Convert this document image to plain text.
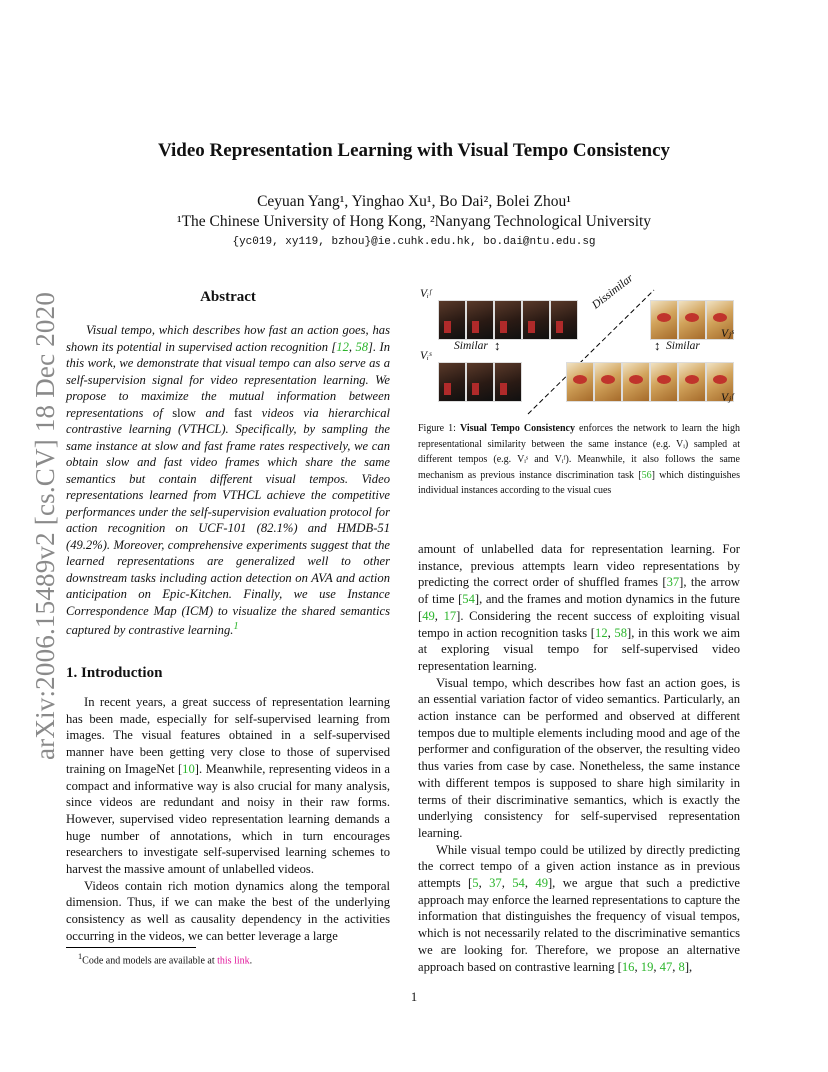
arXiv:2006.15489v2 [cs.CV] 18 Dec 2020
Video Representation Learning with Visual Tempo Consistency
Ceyuan Yang¹, Yinghao Xu¹, Bo Dai², Bolei Zhou¹
¹The Chinese University of Hong Kong, ²Nanyang Technological University
{yc019, xy119, bzhou}@ie.cuhk.edu.hk, bo.dai@ntu.edu.sg
Abstract
Visual tempo, which describes how fast an action goes, has shown its potential in supervised action recognition [12, 58]. In this work, we demonstrate that visual tempo can also serve as a self-supervision signal for video representation learning. We propose to maximize the mutual information between representations of slow and fast videos via hierarchical contrastive learning (VTHCL). Specifically, by sampling the same instance at slow and fast frame rates respectively, we can obtain slow and fast video frames which share the same semantics but contain different visual tempos. Video representations learned from VTHCL achieve the competitive performances under the self-supervision evaluation protocol for action recognition on UCF-101 (82.1%) and HMDB-51 (49.2%). Moreover, comprehensive experiments suggest that the learned representations are generalized well to other downstream tasks including action detection on AVA and action anticipation on Epic-Kitchen. Finally, we use Instance Correspondence Map (ICM) to visualize the shared semantics captured by contrastive learning.$^1$
1. Introduction

In recent years, a great success of representation learning has been made, especially for self-supervised learning from images. The visual features obtained in a self-supervised manner have been getting very close to those of supervised training on ImageNet [10]. Meanwhile, representing videos in a compact and informative way is also crucial for many analysis, since videos are redundant and noisy in their raw forms. However, supervised video representation learning demands a huge number of annotations, which in turn encourages researchers to investigate self-supervised learning schemes to harvest the massive amount of unlabelled videos.

Videos contain rich motion dynamics along the temporal dimension. Thus, if we can make the best of the underlying consistency as well as causality dependency in the activities occurring in the videos, we can better leverage a large

$^1$Code and models are available at this link.
Vᵢᶠ
Similar ↕
Vᵢˢ
Dissimilar
Vⱼˢ
↕ Similar
Vⱼᶠ
Figure 1: Visual Tempo Consistency enforces the network to learn the high representational similarity between the same instance (e.g. Vᵢ) sampled at different tempos (e.g. Vᵢˢ and Vᵢᶠ). Meanwhile, it also follows the same mechanism as previous instance discrimination task [56] which distinguishes individual instances according to the visual cues

amount of unlabelled data for representation learning. For instance, previous attempts learn video representations by predicting the correct order of shuffled frames [37], the arrow of time [54], and the frames and motion dynamics in the future [49, 17]. Considering the recent success of exploiting visual tempo in action recognition tasks [12, 58], in this work we aim at exploring visual tempo for self-supervised video representation learning.

Visual tempo, which describes how fast an action goes, is an essential variation factor of video semantics. Particularly, an action instance can be performed and observed at different tempos due to multiple elements including mood and age of the performer and configuration of the observer, the resulting video thus varies from case by case. Nonetheless, the same instance with different tempos is supposed to share high similarity in terms of their discriminative semantics, which is exactly the underlying consistency for self-supervised representation learning.

While visual tempo could be utilized by directly predicting the correct tempo of a given action instance as in previous attempts [5, 37, 54, 49], we argue that such a predictive approach may enforce the learned representations to capture the information that distinguishes the frequency of visual tempos, which is not necessarily related to the discriminative semantics we are looking for. Therefore, we propose an alternative approach based on contrastive learning [16, 19, 47, 8],

1
